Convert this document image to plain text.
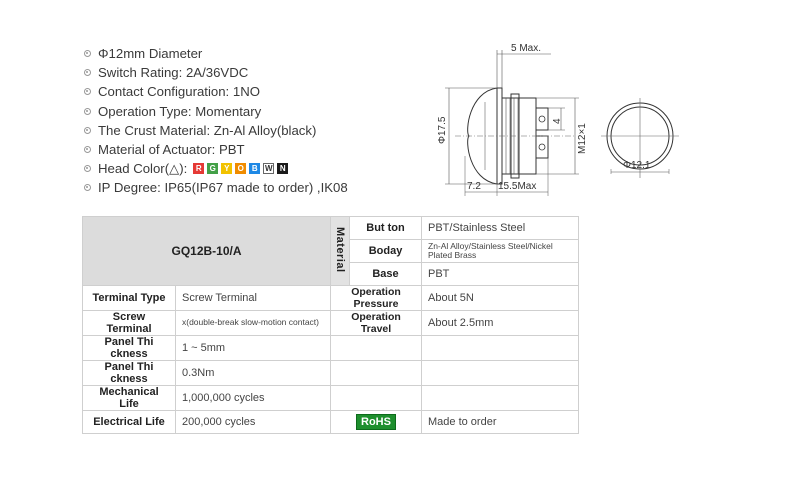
Φ12mm Diameter
Switch Rating: 2A/36VDC
Contact Configuration: 1NO
Operation Type: Momentary
The Crust Material: Zn-Al Alloy(black)
Material of Actuator: PBT
Head Color(△):	R G	Y	O	B W N
IP Degree: IP65(IP67 made to order) ,IK08
5 Max.
Φ17.5	4
M12×1
7.2 15.5Max
Φ12.1
GQ12B-10/A		Material	But ton	PBT/Stainless Steel
			Boday	Zn-Al Alloy/Stainless Steel/Nickel Plated Brass
			Base	PBT
Terminal Type	Screw Terminal	Operation Pressure		About 5N
Screw Terminal	x(double-break slow-motion contact)	Operation Travel		About 2.5mm
Panel Thi ckness	1 ~ 5mm			
Panel Thi ckness	0.3Nm			
Mechanical Life	1,000,000 cycles			
Electrical Life	200,000 cycles	RoHS		Made to order
